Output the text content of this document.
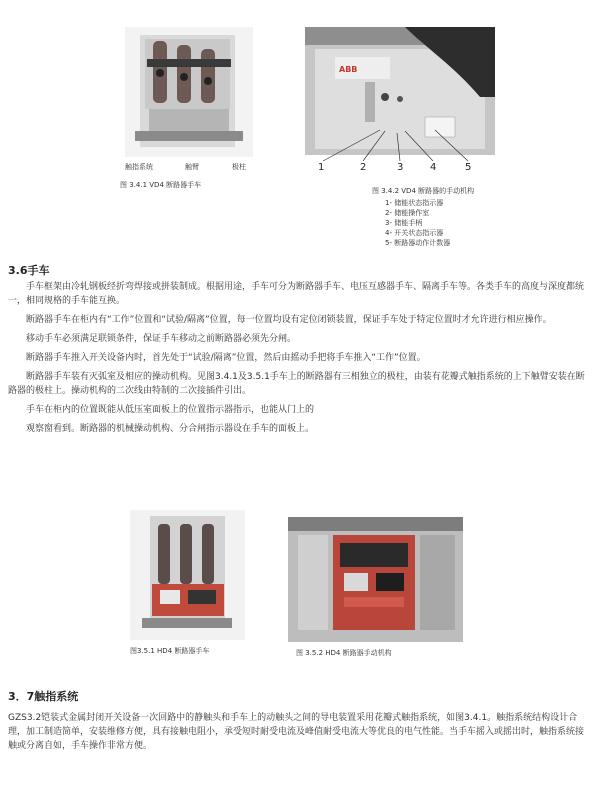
触指系统	触臂	极柱
图 3.4.1 VD4 断路器手车
ABB
1	2	3	4	5
图 3.4.2 VD4 断路器的手动机构
1- 储能状态指示器
2- 储能操作室
3- 储能手柄
4- 开关状态指示器
5- 断路器动作计数器
3.6手车
手车框架由冷轧钢板经折弯焊接或拼装制成。根据用途，手车可分为断路器手车、电压互感器手车、隔离手车等。各类手车的高度与深度都统一，相同规格的手车能互换。
断路器手车在柜内有“工作”位置和“试验/隔离”位置，每一位置均设有定位闭锁装置，保证手车处于特定位置时才允许进行相应操作。
移动手车必须满足联锁条件，保证手车移动之前断路器必须先分闸。
断路器手车推入开关设备内时，首先处于“试验/隔离”位置，然后由摇动手把将手车推入“工作”位置。
断路器手车装有灭弧室及相应的操动机构。见图3.4.1及3.5.1手车上的断路器有三相独立的极柱，由装有花瓣式触指系统的上下触臂安装在断路器的极柱上。操动机构的二次线由特制的二次接插件引出。
手车在柜内的位置既能从低压室面板上的位置指示器指示，也能从门上的
观察窗看到。断路器的机械操动机构、分合闸指示器设在手车的面板上。
图3.5.1 HD4 断路器手车	图 3.5.2 HD4 断路器手动机构
3．7触指系统
GZS3.2铠装式金属封闭开关设备一次回路中的静触头和手车上的动触头之间的导电装置采用花瓣式触指系统，如图3.4.1。触指系统结构设计合理，加工制造简单，安装维修方便，具有接触电阻小，承受短时耐受电流及峰值耐受电流大等优良的电气性能。当手车摇入或摇出时，触指系统接触或分离自如，手车操作非常方便。
